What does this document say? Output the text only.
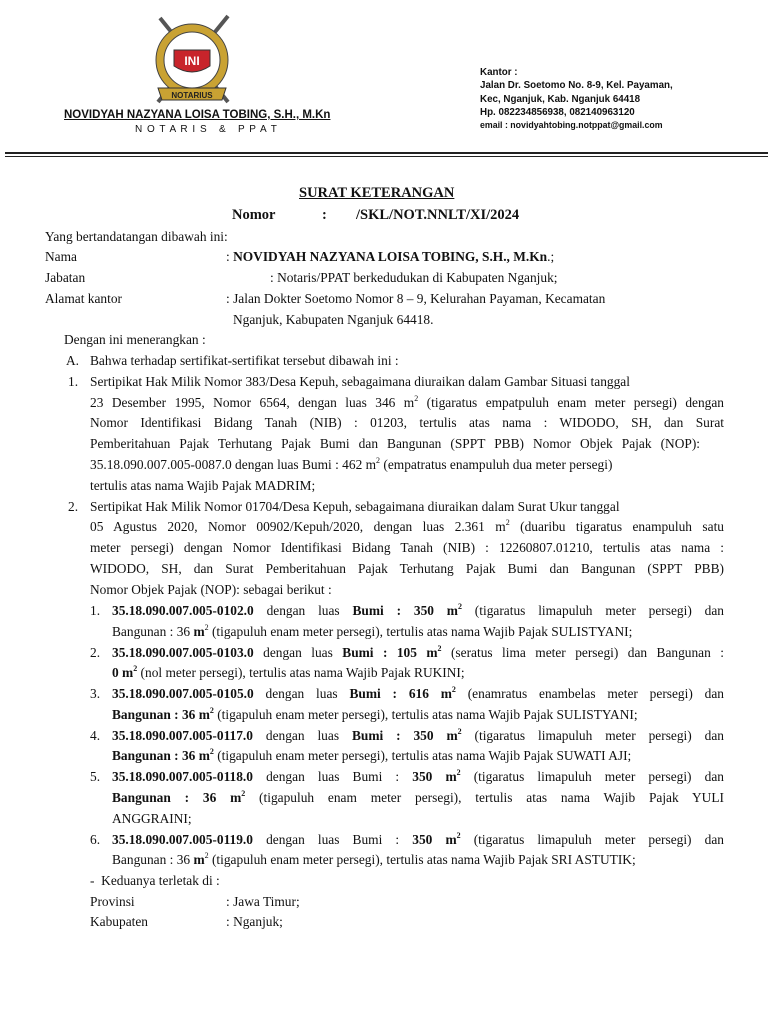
INI
NOTARIUS
NOVIDYAH NAZYANA LOISA TOBING, S.H., M.Kn
N O T A R I S   &   P P A T
Kantor :
Jalan Dr. Soetomo No. 8-9, Kel. Payaman,
Kec, Nganjuk, Kab. Nganjuk 64418
Hp. 082234856938, 082140963120
email : novidyahtobing.notppat@gmail.com
SURAT KETERANGAN
Nomor	: /SKL/NOT.NNLT/XI/2024
Yang bertandatangan dibawah ini:
Nama	: NOVIDYAH NAZYANA LOISA TOBING, S.H., M.Kn.;
Jabatan	: Notaris/PPAT berkedudukan di Kabupaten Nganjuk;
Alamat kantor	: Jalan Dokter Soetomo Nomor 8 – 9, Kelurahan Payaman, Kecamatan
Nganjuk, Kabupaten Nganjuk 64418.
Dengan ini menerangkan :
A. Bahwa terhadap sertifikat-sertifikat tersebut dibawah ini :
1. Sertipikat Hak Milik Nomor 383/Desa Kepuh, sebagaimana diuraikan dalam Gambar Situasi tanggal
23 Desember 1995, Nomor 6564, dengan luas 346 $m^2$ (tigaratus empatpuluh enam meter persegi) dengan
Nomor Identifikasi Bidang Tanah (NIB) : 01203, tertulis atas nama : WIDODO, SH, dan Surat
Pemberitahuan Pajak Terhutang Pajak Bumi dan Bangunan (SPPT PBB) Nomor Objek Pajak (NOP):
35.18.090.007.005-0087.0 dengan luas Bumi : 462 $m^2$ (empatratus enampuluh dua meter persegi)
tertulis atas nama Wajib Pajak MADRIM;
2. Sertipikat Hak Milik Nomor 01704/Desa Kepuh, sebagaimana diuraikan dalam Surat Ukur tanggal
05 Agustus 2020, Nomor 00902/Kepuh/2020, dengan luas 2.361 $m^2$ (duaribu tigaratus enampuluh satu
meter persegi) dengan Nomor Identifikasi Bidang Tanah (NIB) : 12260807.01210, tertulis atas nama :
WIDODO, SH, dan Surat Pemberitahuan Pajak Terhutang Pajak Bumi dan Bangunan (SPPT PBB)
Nomor Objek Pajak (NOP): sebagai berikut :
1. 35.18.090.007.005-0102.0 dengan luas Bumi : 350 $m^2$ (tigaratus limapuluh meter persegi) dan
Bangunan : 36 $m^2$ (tigapuluh enam meter persegi), tertulis atas nama Wajib Pajak SULISTYANI;
2. 35.18.090.007.005-0103.0 dengan luas Bumi : 105 $m^2$ (seratus lima meter persegi) dan Bangunan :
0 $m^2$ (nol meter persegi), tertulis atas nama Wajib Pajak RUKINI;
3. 35.18.090.007.005-0105.0 dengan luas Bumi : 616 $m^2$ (enamratus enambelas meter persegi) dan
Bangunan : 36 $m^2$ (tigapuluh enam meter persegi), tertulis atas nama Wajib Pajak SULISTYANI;
4. 35.18.090.007.005-0117.0 dengan luas Bumi : 350 $m^2$ (tigaratus limapuluh meter persegi) dan
Bangunan : 36 $m^2$ (tigapuluh enam meter persegi), tertulis atas nama Wajib Pajak SUWATI AJI;
5. 35.18.090.007.005-0118.0 dengan luas Bumi : 350 $m^2$ (tigaratus limapuluh meter persegi) dan
Bangunan : 36 $m^2$ (tigapuluh enam meter persegi), tertulis atas nama Wajib Pajak YULI
ANGGRAINI;
6. 35.18.090.007.005-0119.0 dengan luas Bumi : 350 $m^2$ (tigaratus limapuluh meter persegi) dan
Bangunan : 36 $m^2$ (tigapuluh enam meter persegi), tertulis atas nama Wajib Pajak SRI ASTUTIK;
-  Keduanya terletak di :
Provinsi	: Jawa Timur;
Kabupaten	: Nganjuk;
